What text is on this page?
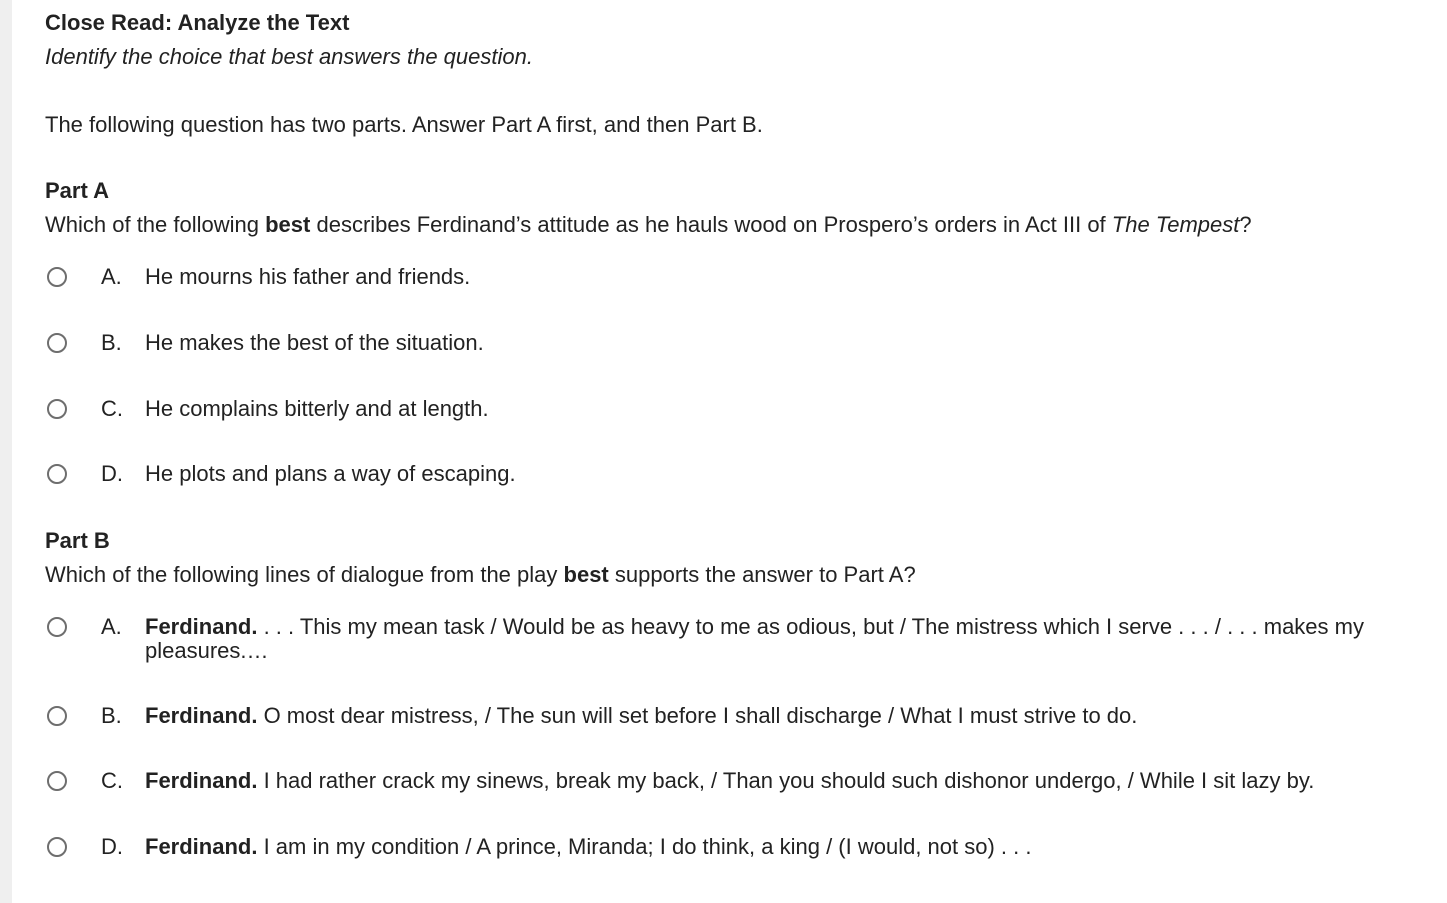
Close Read: Analyze the Text
Identify the choice that best answers the question.
The following question has two parts. Answer Part A first, and then Part B.
Part A
Which of the following best describes Ferdinand’s attitude as he hauls wood on Prospero’s orders in Act III of The Tempest?
A. He mourns his father and friends.
B. He makes the best of the situation.
C. He complains bitterly and at length.
D. He plots and plans a way of escaping.
Part B
Which of the following lines of dialogue from the play best supports the answer to Part A?
A. Ferdinand. . . . This my mean task / Would be as heavy to me as odious, but / The mistress which I serve . . . / . . . makes my
pleasures.…
B. Ferdinand. O most dear mistress, / The sun will set before I shall discharge / What I must strive to do.
C. Ferdinand. I had rather crack my sinews, break my back, / Than you should such dishonor undergo, / While I sit lazy by.
D. Ferdinand. I am in my condition / A prince, Miranda; I do think, a king / (I would, not so) . . .
